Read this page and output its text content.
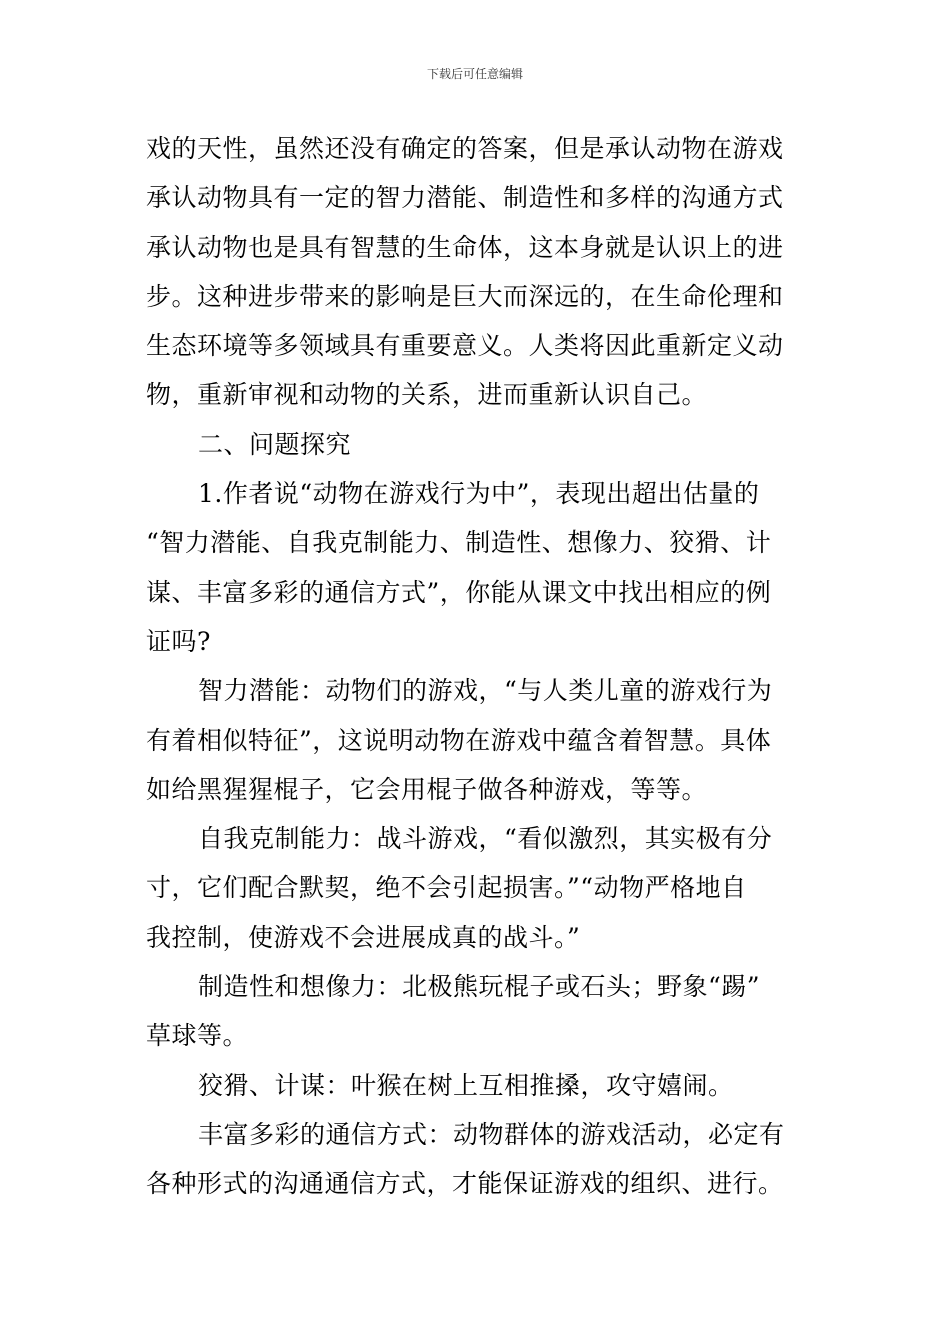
下载后可任意编辑
戏的天性，虽然还没有确定的答案，但是承认动物在游戏
承认动物具有一定的智力潜能、制造性和多样的沟通方式
承认动物也是具有智慧的生命体，这本身就是认识上的进
步。这种进步带来的影响是巨大而深远的，在生命伦理和
生态环境等多领域具有重要意义。人类将因此重新定义动
物，重新审视和动物的关系，进而重新认识自己。
二、问题探究
1.作者说“动物在游戏行为中”，表现出超出估量的
“智力潜能、自我克制能力、制造性、想像力、狡猾、计
谋、丰富多彩的通信方式”，你能从课文中找出相应的例
证吗?
智力潜能：动物们的游戏，“与人类儿童的游戏行为
有着相似特征”，这说明动物在游戏中蕴含着智慧。具体
如给黑猩猩棍子，它会用棍子做各种游戏，等等。
自我克制能力：战斗游戏，“看似激烈，其实极有分
寸，它们配合默契，绝不会引起损害。”“动物严格地自
我控制，使游戏不会进展成真的战斗。”
制造性和想像力：北极熊玩棍子或石头；野象“踢”
草球等。
狡猾、计谋：叶猴在树上互相推搡，攻守嬉闹。
丰富多彩的通信方式：动物群体的游戏活动，必定有
各种形式的沟通通信方式，才能保证游戏的组织、进行。
